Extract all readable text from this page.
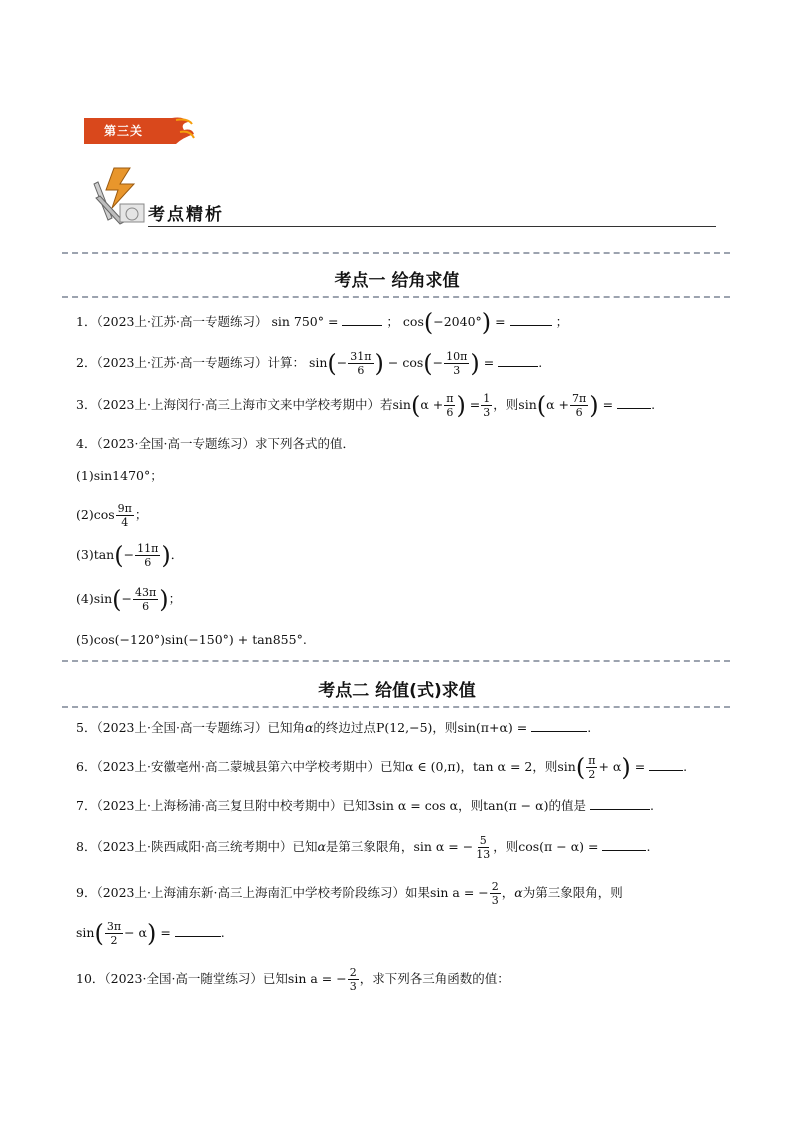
第三关
考点精析
考点一 给角求值
1．（2023上·江苏·高一专题练习） sin 750° =	； cos(−2040°) =	；
2．（2023上·江苏·高一专题练习）计算： $\sin(- \frac{31\pi}{6}$ ) − $\cos(- \frac{10\pi}{3}$ ) =	.
3．（2023上·上海闵行·高三上海市文来中学校考期中）若$\sin(\alpha + \frac{\pi}{6}$ ) = $\frac{1}{3}$ ，则$\sin(\alpha + \frac{7\pi}{6}$ ) =	.
4．（2023·全国·高一专题练习）求下列各式的值．
(1)sin1470°；
$(2)\cos \frac{9\pi}{4}$ ；
$(3)\tan(- \frac{11\pi}{6}$ )．
$(4)\sin(- \frac{43\pi}{6}$ )；
(5)cos(−120°)sin(−150°) + tan855°.
考点二 给值(式)求值
5．（2023上·全国·高一专题练习）已知角α的终边过点P(12,−5)，则sin(π+α) =	.
6．（2023上·安徽亳州·高二蒙城县第六中学校考期中）已知α ∈ (0,π)，tan α = 2，则$\sin( \frac{\pi}{2} + \alpha)$ =	.
7．（2023上·上海杨浦·高三复旦附中校考期中）已知3sin α = cos α，则tan(π − α)的值是	.
8．（2023上·陕西咸阳·高三统考期中）已知α是第三象限角，sin α = − $\frac{5}{13}$ ，则cos(π − α) =	.
9．（2023上·上海浦东新·高三上海南汇中学校考阶段练习）如果sin a = − $\frac{2}{3}$ ，α为第三象限角，则
$\sin( \frac{3\pi}{2} - \alpha)$ =	.
10．（2023·全国·高一随堂练习）已知sin a = − $\frac{2}{3}$ ，求下列各三角函数的值：
